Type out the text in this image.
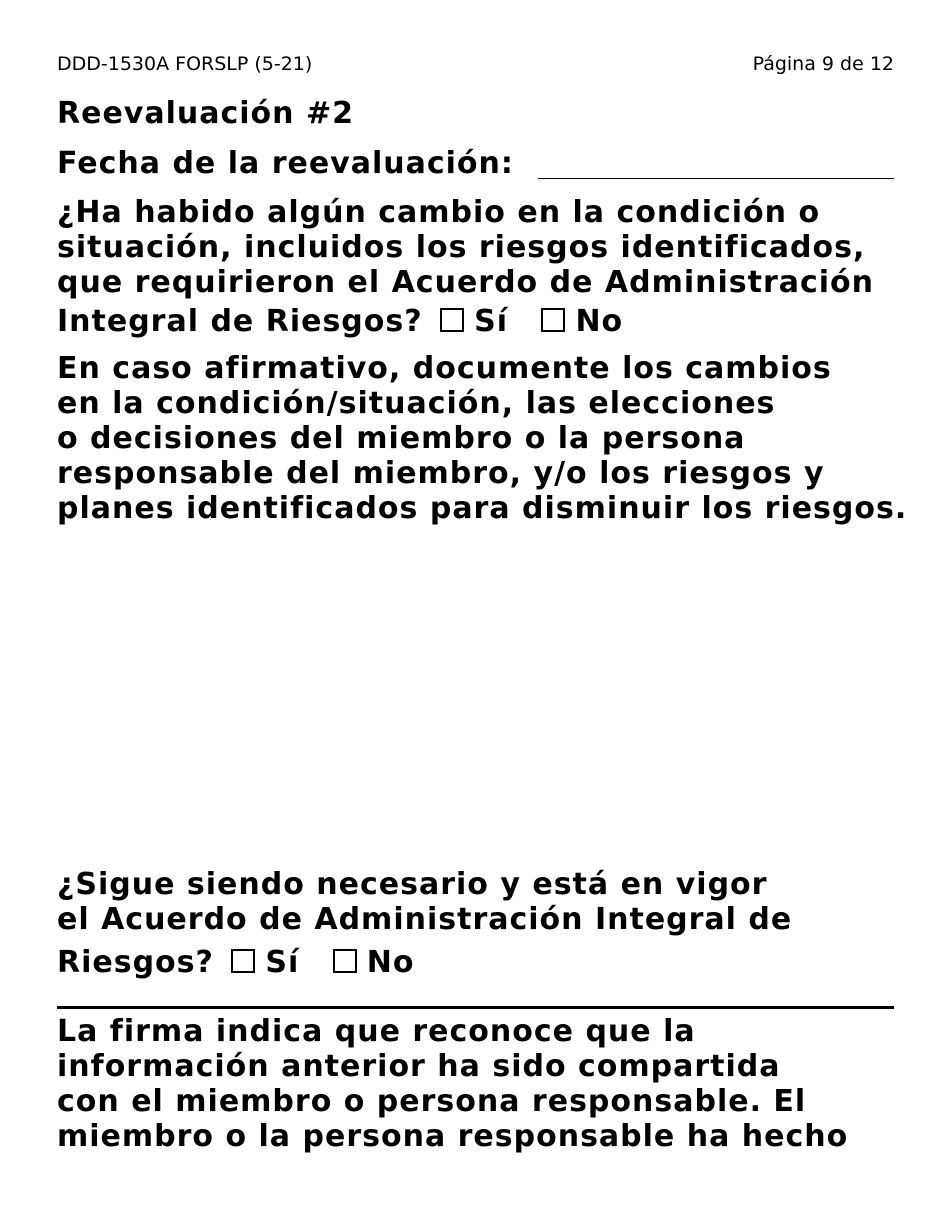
DDD-1530A FORSLP (5-21)	Página 9 de 12
Reevaluación #2
Fecha de la reevaluación:
¿Ha habido algún cambio en la condición o
situación, incluidos los riesgos identificados,
que requirieron el Acuerdo de Administración
Integral de Riesgos? Sí No
En caso afirmativo, documente los cambios
en la condición/situación, las elecciones
o decisiones del miembro o la persona
responsable del miembro, y/o los riesgos y
planes identificados para disminuir los riesgos.
¿Sigue siendo necesario y está en vigor
el Acuerdo de Administración Integral de
Riesgos? Sí No
La firma indica que reconoce que la
información anterior ha sido compartida
con el miembro o persona responsable. El
miembro o la persona responsable ha hecho
